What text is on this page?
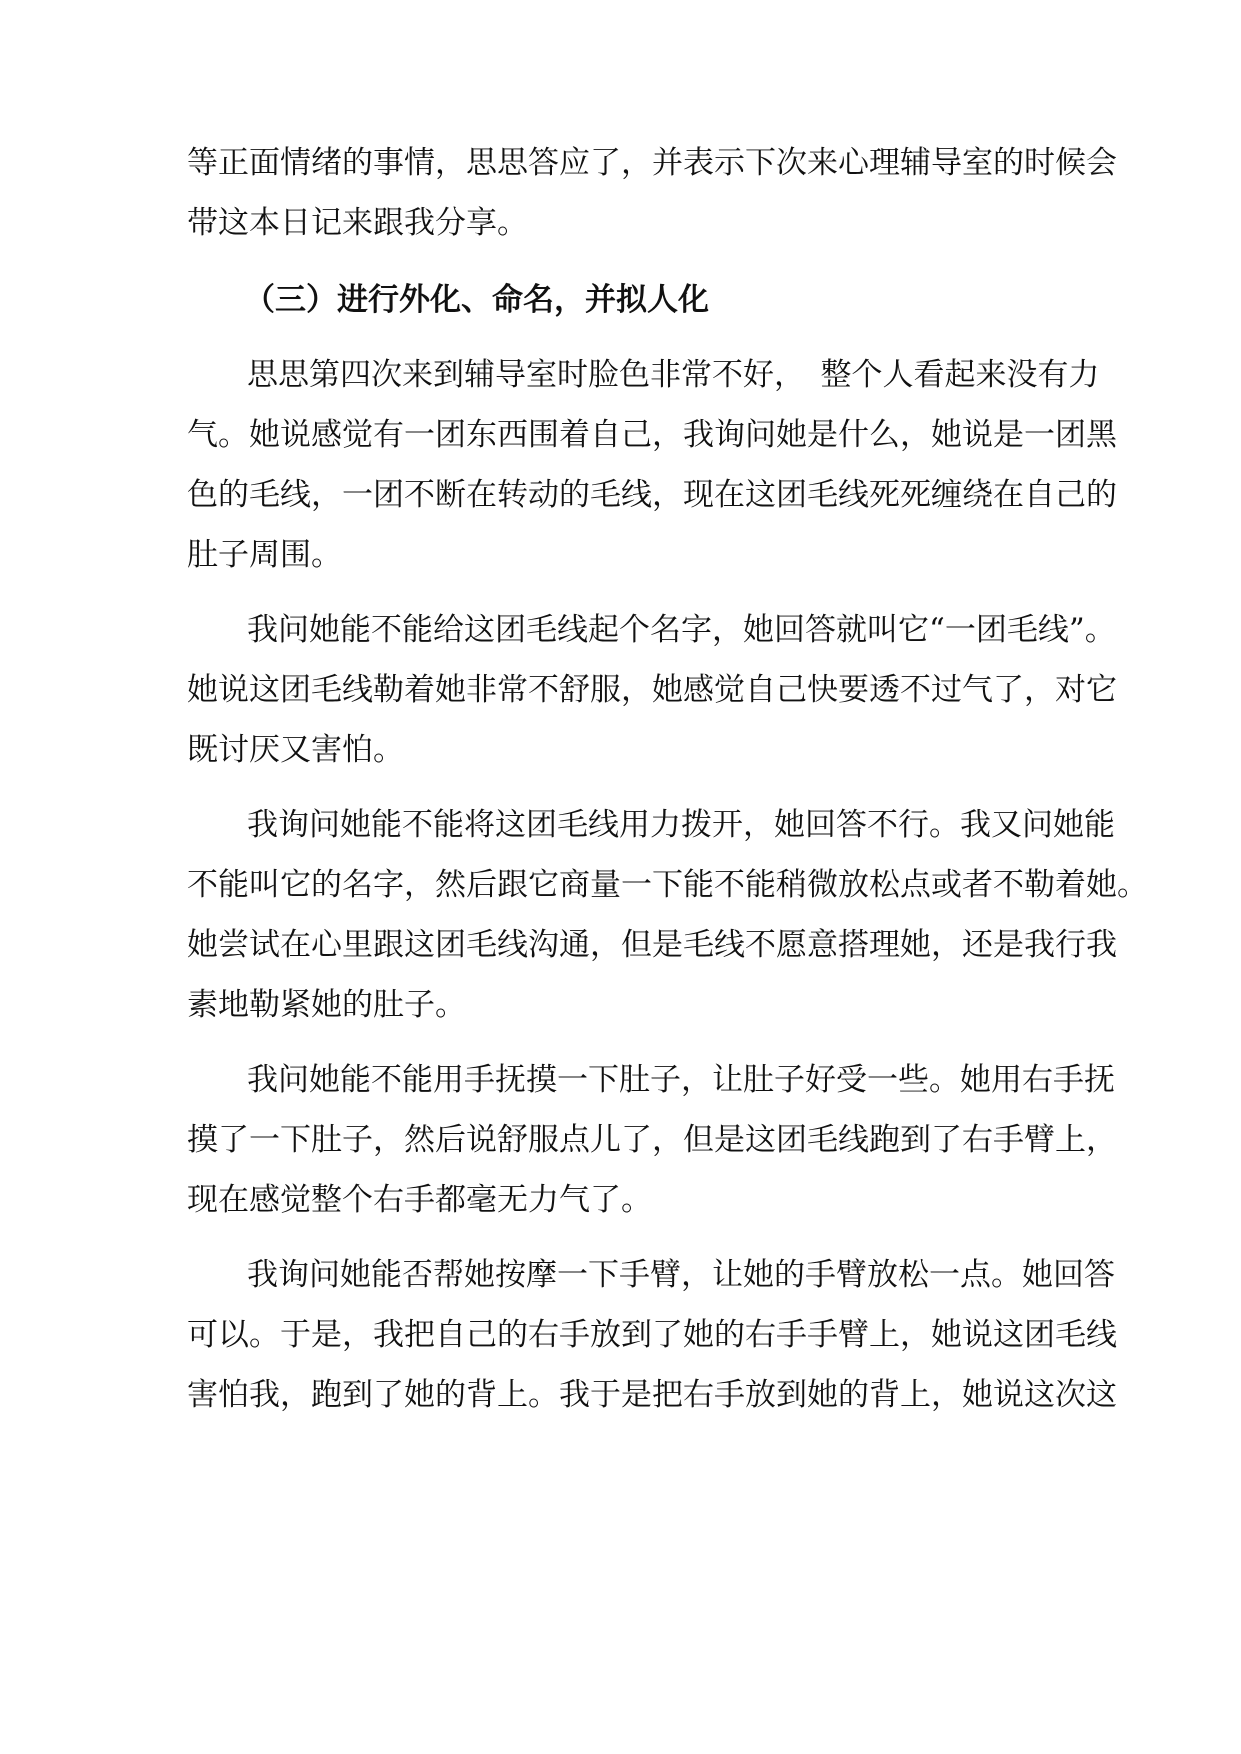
等正面情绪的事情，思思答应了，并表示下次来心理辅导室的时候会
带这本日记来跟我分享。
（三）进行外化、命名，并拟人化
思思第四次来到辅导室时脸色非常不好，　整个人看起来没有力
气。她说感觉有一团东西围着自己，我询问她是什么，她说是一团黑
色的毛线，一团不断在转动的毛线，现在这团毛线死死缠绕在自己的
肚子周围。
我问她能不能给这团毛线起个名字，她回答就叫它“一团毛线”。
她说这团毛线勒着她非常不舒服，她感觉自己快要透不过气了，对它
既讨厌又害怕。
我询问她能不能将这团毛线用力拨开，她回答不行。我又问她能
不能叫它的名字，然后跟它商量一下能不能稍微放松点或者不勒着她。
她尝试在心里跟这团毛线沟通，但是毛线不愿意搭理她，还是我行我
素地勒紧她的肚子。
我问她能不能用手抚摸一下肚子，让肚子好受一些。她用右手抚
摸了一下肚子，然后说舒服点儿了，但是这团毛线跑到了右手臂上，
现在感觉整个右手都毫无力气了。
我询问她能否帮她按摩一下手臂，让她的手臂放松一点。她回答
可以。于是，我把自己的右手放到了她的右手手臂上，她说这团毛线
害怕我，跑到了她的背上。我于是把右手放到她的背上，她说这次这
